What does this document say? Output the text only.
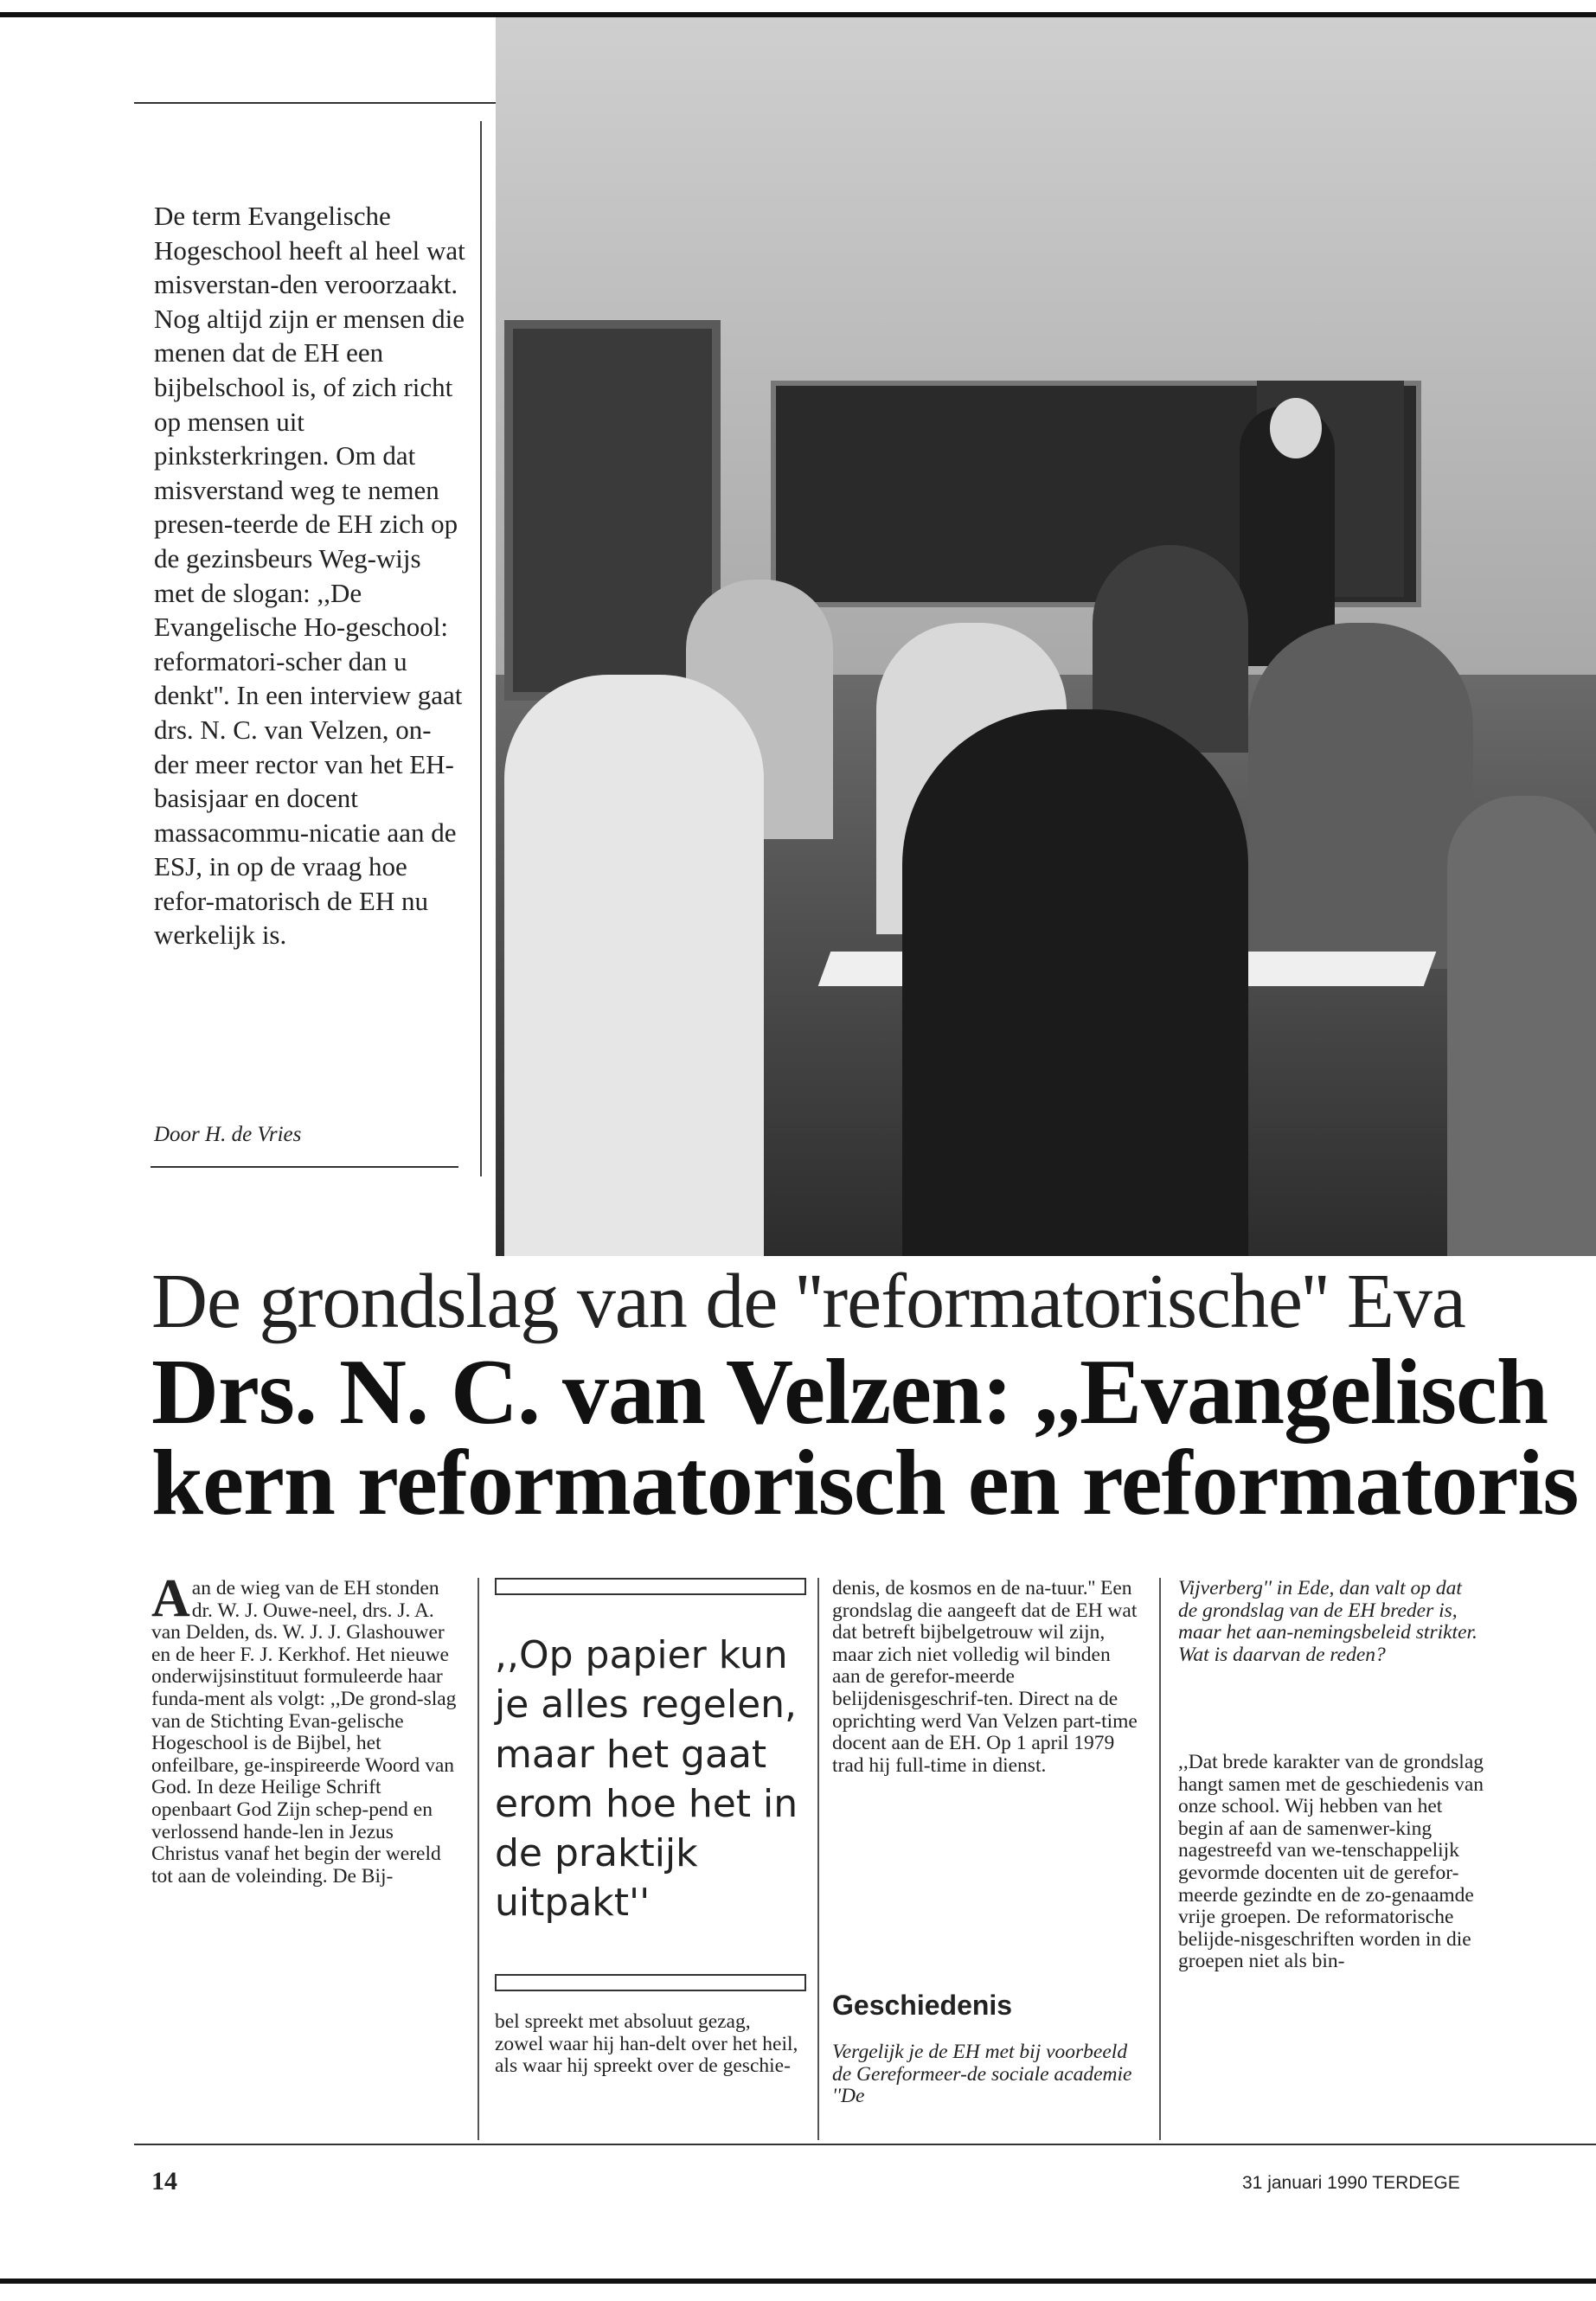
De term Evangelische Hogeschool heeft al heel wat misverstan-den veroorzaakt. Nog altijd zijn er mensen die menen dat de EH een bijbelschool is, of zich richt op mensen uit pinksterkringen. Om dat misverstand weg te nemen presen-teerde de EH zich op de gezinsbeurs Weg-wijs met de slogan: ,,De Evangelische Ho-geschool: reformatori-scher dan u denkt''. In een interview gaat drs. N. C. van Velzen, on-der meer rector van het EH-basisjaar en docent massacommu-nicatie aan de ESJ, in op de vraag hoe refor-matorisch de EH nu werkelijk is.
Door H. de Vries
De grondslag van de ''reformatorische'' Eva
Drs. N. C. van Velzen: ,,Evangelisch
kern reformatorisch en reformatoris
Aan de wieg van de EH stonden dr. W. J. Ouwe-neel, drs. J. A. van Delden, ds. W. J. J. Glashouwer en de heer F. J. Kerkhof. Het nieuwe onderwijsinstituut formuleerde haar funda-ment als volgt: ,,De grond-slag van de Stichting Evan-gelische Hogeschool is de Bijbel, het onfeilbare, ge-inspireerde Woord van God. In deze Heilige Schrift openbaart God Zijn schep-pend en verlossend hande-len in Jezus Christus vanaf het begin der wereld tot aan de voleinding. De Bij-
,,Op papier kun je alles regelen, maar het gaat erom hoe het in de praktijk uitpakt''
bel spreekt met absoluut gezag, zowel waar hij han-delt over het heil, als waar hij spreekt over de geschie-
denis, de kosmos en de na-tuur.'' Een grondslag die aangeeft dat de EH wat dat betreft bijbelgetrouw wil zijn, maar zich niet volledig wil binden aan de gerefor-meerde belijdenisgeschrif-ten. Direct na de oprichting werd Van Velzen part-time docent aan de EH. Op 1 april 1979 trad hij full-time in dienst.
Geschiedenis
Vergelijk je de EH met bij voorbeeld de Gereformeer-de sociale academie ''De
Vijverberg'' in Ede, dan valt op dat de grondslag van de EH breder is, maar het aan-nemingsbeleid strikter. Wat is daarvan de reden?
,,Dat brede karakter van de grondslag hangt samen met de geschiedenis van onze school. Wij hebben van het begin af aan de samenwer-king nagestreefd van we-tenschappelijk gevormde docenten uit de gerefor-meerde gezindte en de zo-genaamde vrije groepen. De reformatorische belijde-nisgeschriften worden in die groepen niet als bin-
14	31 januari 1990 TERDEGE
